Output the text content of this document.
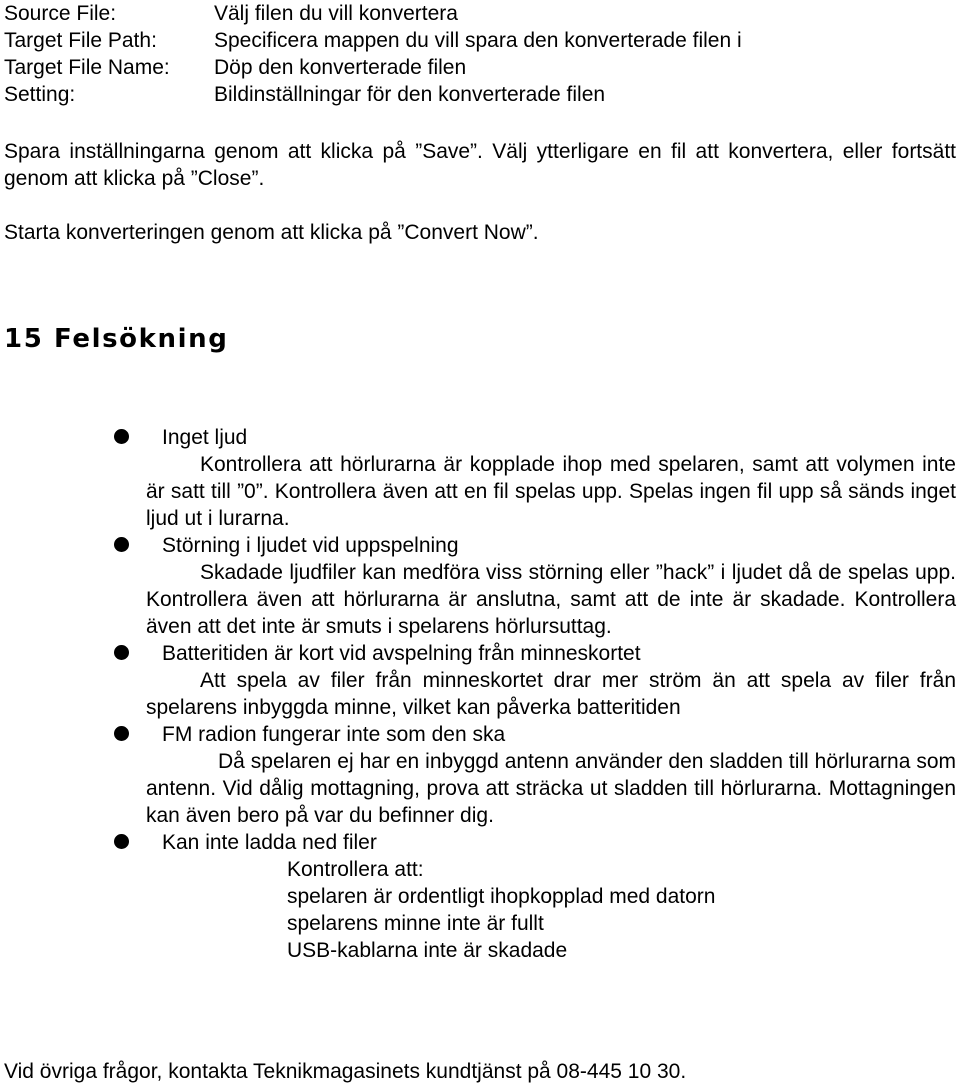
Source File:	Välj filen du vill konvertera
Target File Path:	Specificera mappen du vill spara den konverterade filen i
Target File Name:	Döp den konverterade filen
Setting:	Bildinställningar för den konverterade filen

Spara inställningarna genom att klicka på ”Save”. Välj ytterligare en fil att konvertera, eller fortsätt genom att klicka på ”Close”.

Starta konverteringen genom att klicka på ”Convert Now”.

15 Felsökning
Inget ljud
Kontrollera att hörlurarna är kopplade ihop med spelaren, samt att volymen inte är satt till ”0”. Kontrollera även att en fil spelas upp. Spelas ingen fil upp så sänds inget ljud ut i lurarna.
Störning i ljudet vid uppspelning
Skadade ljudfiler kan medföra viss störning eller ”hack” i ljudet då de spelas upp. Kontrollera även att hörlurarna är anslutna, samt att de inte är skadade. Kontrollera även att det inte är smuts i spelarens hörlursuttag.
Batteritiden är kort vid avspelning från minneskortet
Att spela av filer från minneskortet drar mer ström än att spela av filer från spelarens inbyggda minne, vilket kan påverka batteritiden
FM radion fungerar inte som den ska
Då spelaren ej har en inbyggd antenn använder den sladden till hörlurarna som antenn. Vid dålig mottagning, prova att sträcka ut sladden till hörlurarna. Mottagningen kan även bero på var du befinner dig.
Kan inte ladda ned filer
Kontrollera att:
spelaren är ordentligt ihopkopplad med datorn
spelarens minne inte är fullt
USB-kablarna inte är skadade

Vid övriga frågor, kontakta Teknikmagasinets kundtjänst på 08-445 10 30.
